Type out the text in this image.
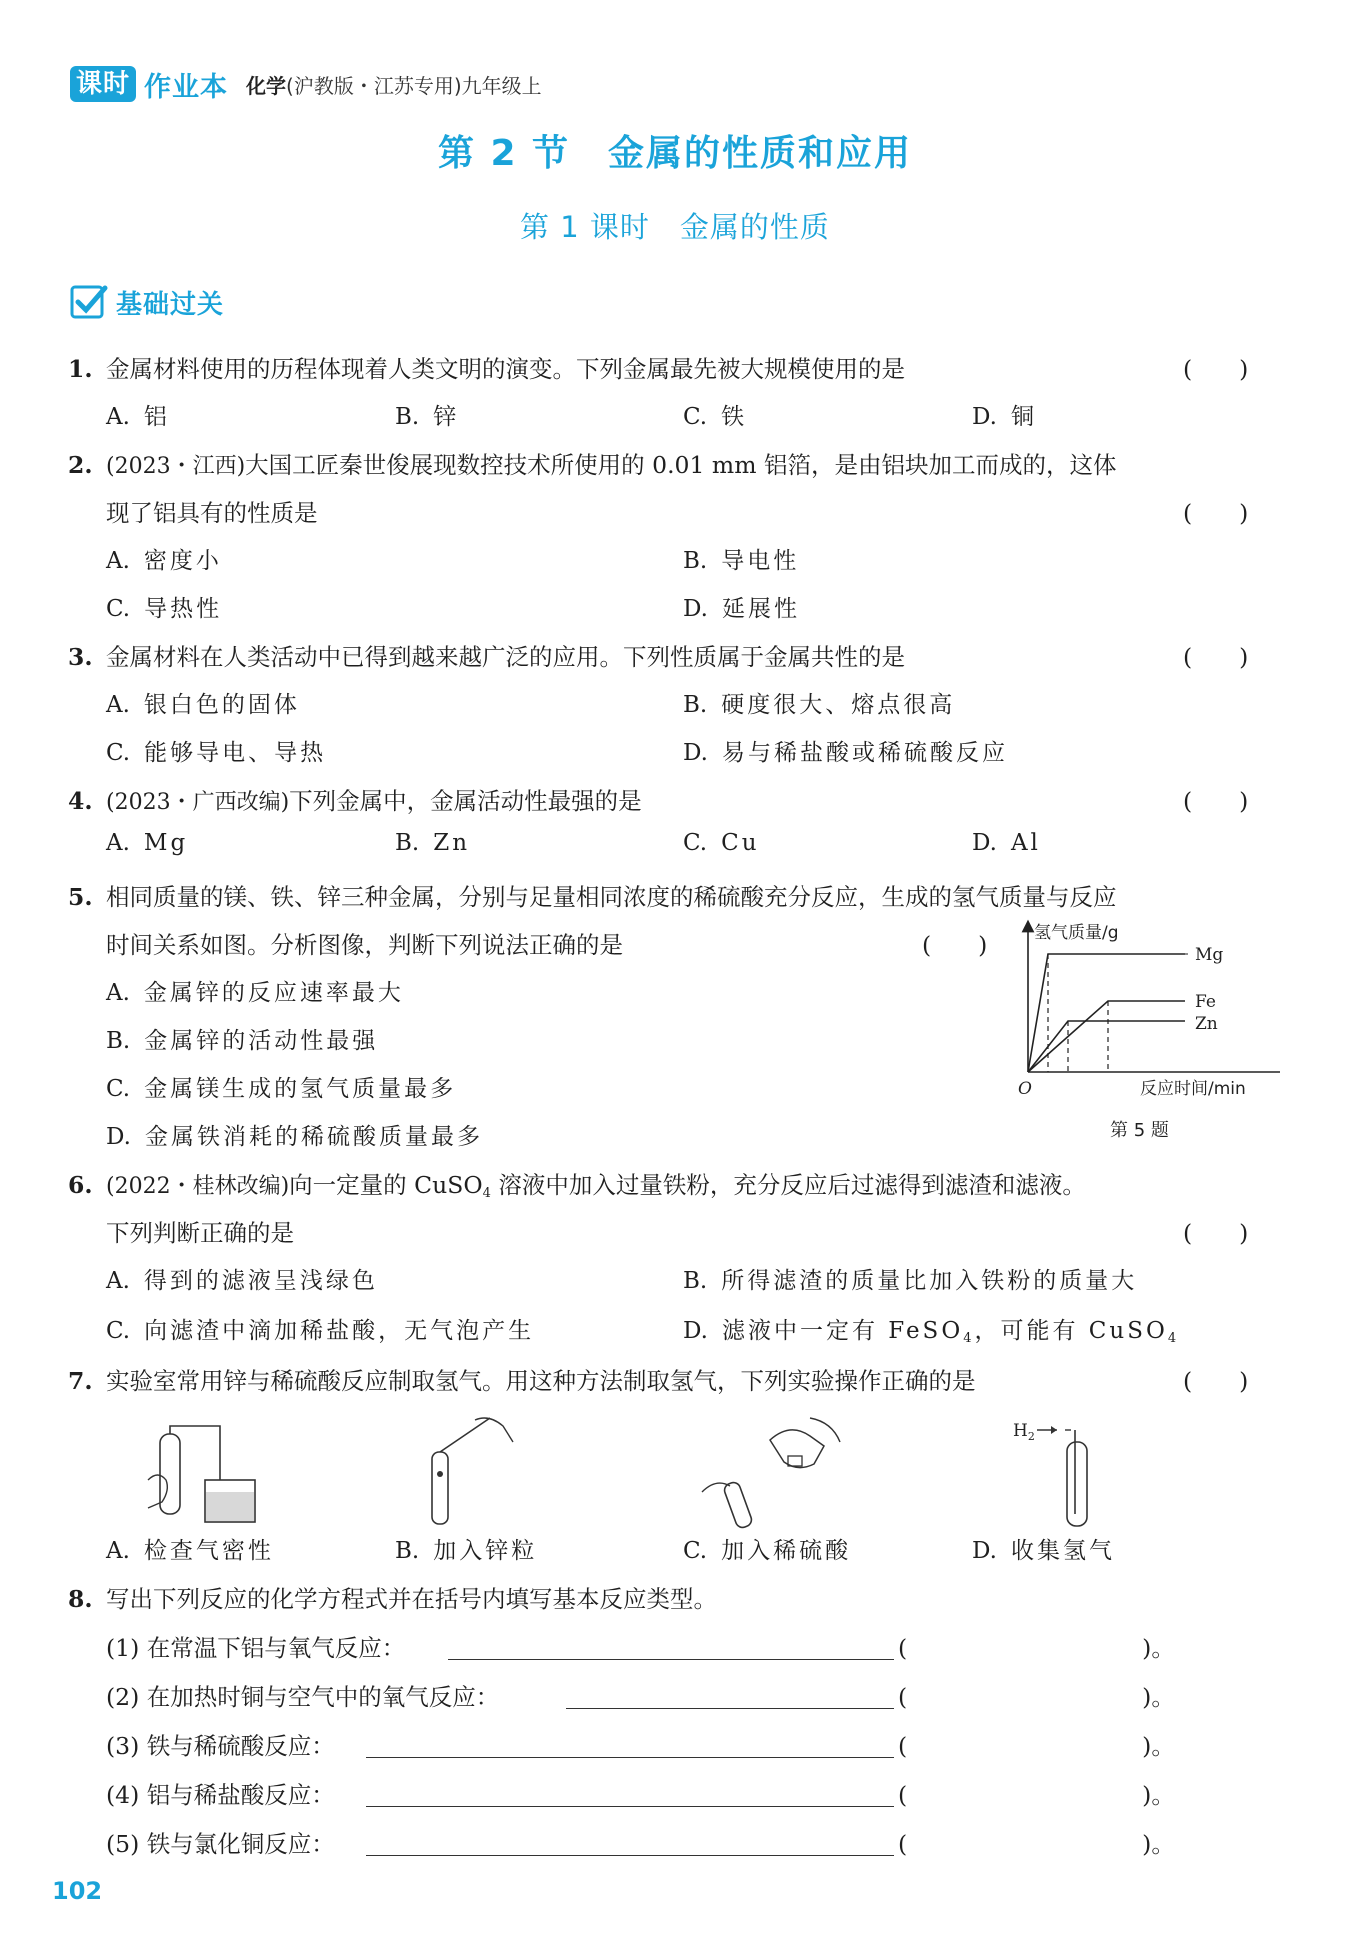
课时 作业本 化学(沪教版・江苏专用)九年级上
第 2 节　金属的性质和应用
第 1 课时　金属的性质
基础过关
1. 金属材料使用的历程体现着人类文明的演变。下列金属最先被大规模使用的是	(　　)
A. 铝	B. 锌	C. 铁	D. 铜
2. (2023・江西)大国工匠秦世俊展现数控技术所使用的 0.01 mm 铝箔，是由铝块加工而成的，这体
现了铝具有的性质是	(　　)
A. 密度小	B. 导电性
C. 导热性	D. 延展性
3. 金属材料在人类活动中已得到越来越广泛的应用。下列性质属于金属共性的是	(　　)
A. 银白色的固体	B. 硬度很大、熔点很高
C. 能够导电、导热	D. 易与稀盐酸或稀硫酸反应
4. (2023・广西改编)下列金属中，金属活动性最强的是	(　　)
A. Mg	B. Zn	C. Cu	D. Al
5. 相同质量的镁、铁、锌三种金属，分别与足量相同浓度的稀硫酸充分反应，生成的氢气质量与反应
时间关系如图。分析图像，判断下列说法正确的是	(　　)
A. 金属锌的反应速率最大
B. 金属锌的活动性最强
C. 金属镁生成的氢气质量最多
D. 金属铁消耗的稀硫酸质量最多
氢气质量/g
反应时间/min
O
Mg
Fe
Zn
第 5 题
6. (2022・桂林改编)向一定量的 CuSO$_4$ 溶液中加入过量铁粉，充分反应后过滤得到滤渣和滤液。
下列判断正确的是	(　　)
A. 得到的滤液呈浅绿色	B. 所得滤渣的质量比加入铁粉的质量大
C. 向滤渣中滴加稀盐酸，无气泡产生	D. 滤液中一定有 FeSO$_4$，可能有 CuSO$_4$
7. 实验室常用锌与稀硫酸反应制取氢气。用这种方法制取氢气，下列实验操作正确的是	(　　)
$H_2$
A. 检查气密性	B. 加入锌粒	C. 加入稀硫酸	D. 收集氢气
8. 写出下列反应的化学方程式并在括号内填写基本反应类型。
(1) 在常温下铝与氧气反应：	(　　　　　　　　　　)。
(2) 在加热时铜与空气中的氧气反应：	(　　　　　　　　　　)。
(3) 铁与稀硫酸反应：	(　　　　　　　　　　)。
(4) 铝与稀盐酸反应：	(　　　　　　　　　　)。
(5) 铁与氯化铜反应：	(　　　　　　　　　　)。
102
